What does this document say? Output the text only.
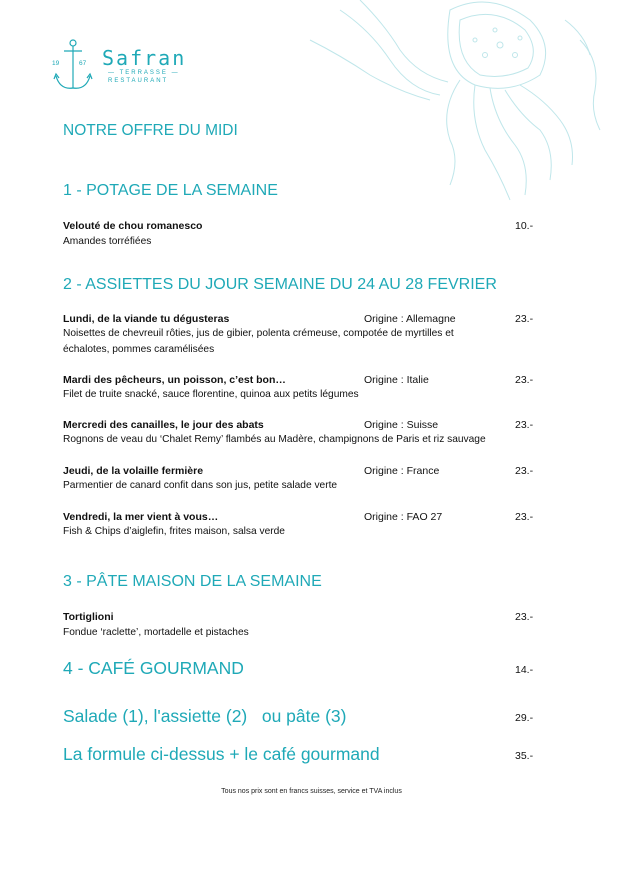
19	67 Safran
— TERRASSE —
RESTAURANT
NOTRE OFFRE DU MIDI
1 - POTAGE DE LA SEMAINE
Velouté de chou romanesco	10.-
Amandes torréfiées
2 - ASSIETTES DU JOUR SEMAINE DU 24 AU 28 FEVRIER
Lundi, de la viande tu dégusteras	Origine : Allemagne	23.-
Noisettes de chevreuil rôties, jus de gibier, polenta crémeuse, compotée de myrtilles et
échalotes, pommes caramélisées
Mardi des pêcheurs, un poisson, c’est bon…	Origine : Italie	23.-
Filet de truite snacké, sauce florentine, quinoa aux petits légumes
Mercredi des canailles, le jour des abats	Origine : Suisse	23.-
Rognons de veau du ‘Chalet Remy’ flambés au Madère, champignons de Paris et riz sauvage
Jeudi, de la volaille fermière	Origine : France	23.-
Parmentier de canard confit dans son jus, petite salade verte
Vendredi, la mer vient à vous…	Origine : FAO 27	23.-
Fish & Chips d’aiglefin, frites maison, salsa verde
3 - PÂTE MAISON DE LA SEMAINE
Tortiglioni	23.-
Fondue ‘raclette’, mortadelle et pistaches
4 - CAFÉ GOURMAND	14.-
Salade (1), l'assiette (2)   ou pâte (3)	29.-
La formule ci-dessus + le café gourmand	35.-
Tous nos prix sont en francs suisses, service et TVA inclus
